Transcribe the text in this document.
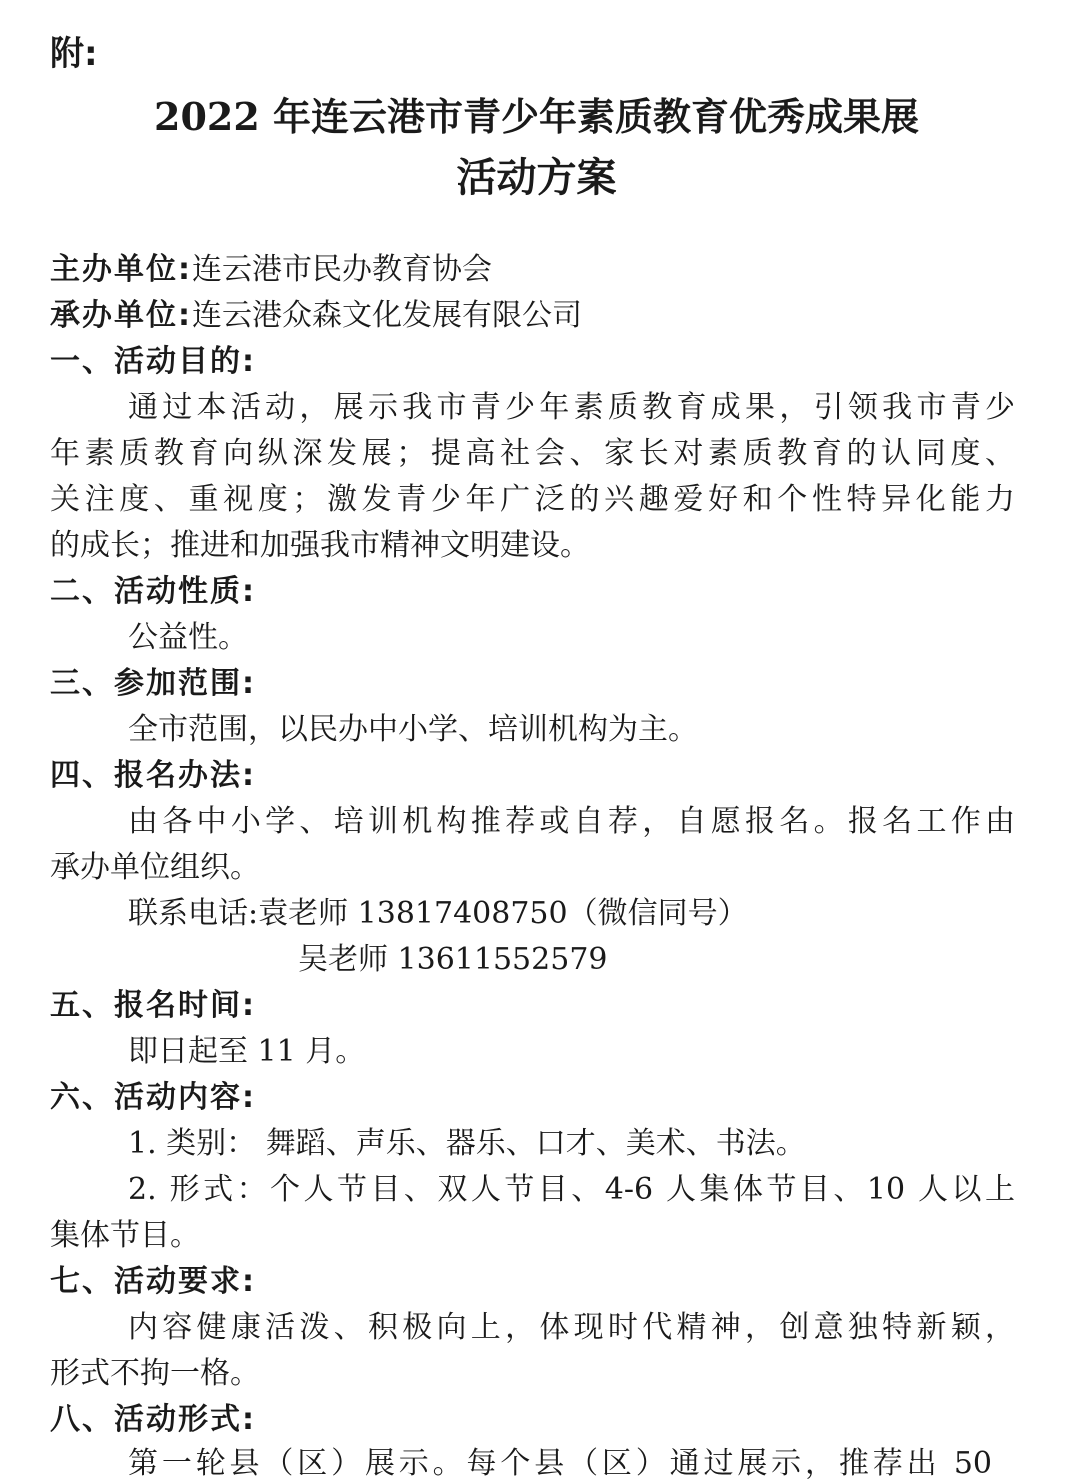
附:
2022 年连云港市青少年素质教育优秀成果展
活动方案
主办单位:连云港市民办教育协会
承办单位:连云港众森文化发展有限公司
一、活动目的:
通过本活动，展示我市青少年素质教育成果，引领我市青少
年素质教育向纵深发展；提高社会、家长对素质教育的认同度、
关注度、重视度；激发青少年广泛的兴趣爱好和个性特异化能力
的成长；推进和加强我市精神文明建设。
二、活动性质:
公益性。
三、参加范围:
全市范围，以民办中小学、培训机构为主。
四、报名办法:
由各中小学、培训机构推荐或自荐，自愿报名。报名工作由
承办单位组织。
联系电话:袁老师 13817408750（微信同号）
吴老师 13611552579
五、报名时间:
即日起至 11 月。
六、活动内容:
1. 类别： 舞蹈、声乐、器乐、口才、美术、书法。
2. 形式：个人节目、双人节目、4-6 人集体节目、10 人以上
集体节目。
七、活动要求:
内容健康活泼、积极向上，体现时代精神，创意独特新颖，
形式不拘一格。
八、活动形式:
第一轮县（区）展示。每个县（区）通过展示，推荐出 50
